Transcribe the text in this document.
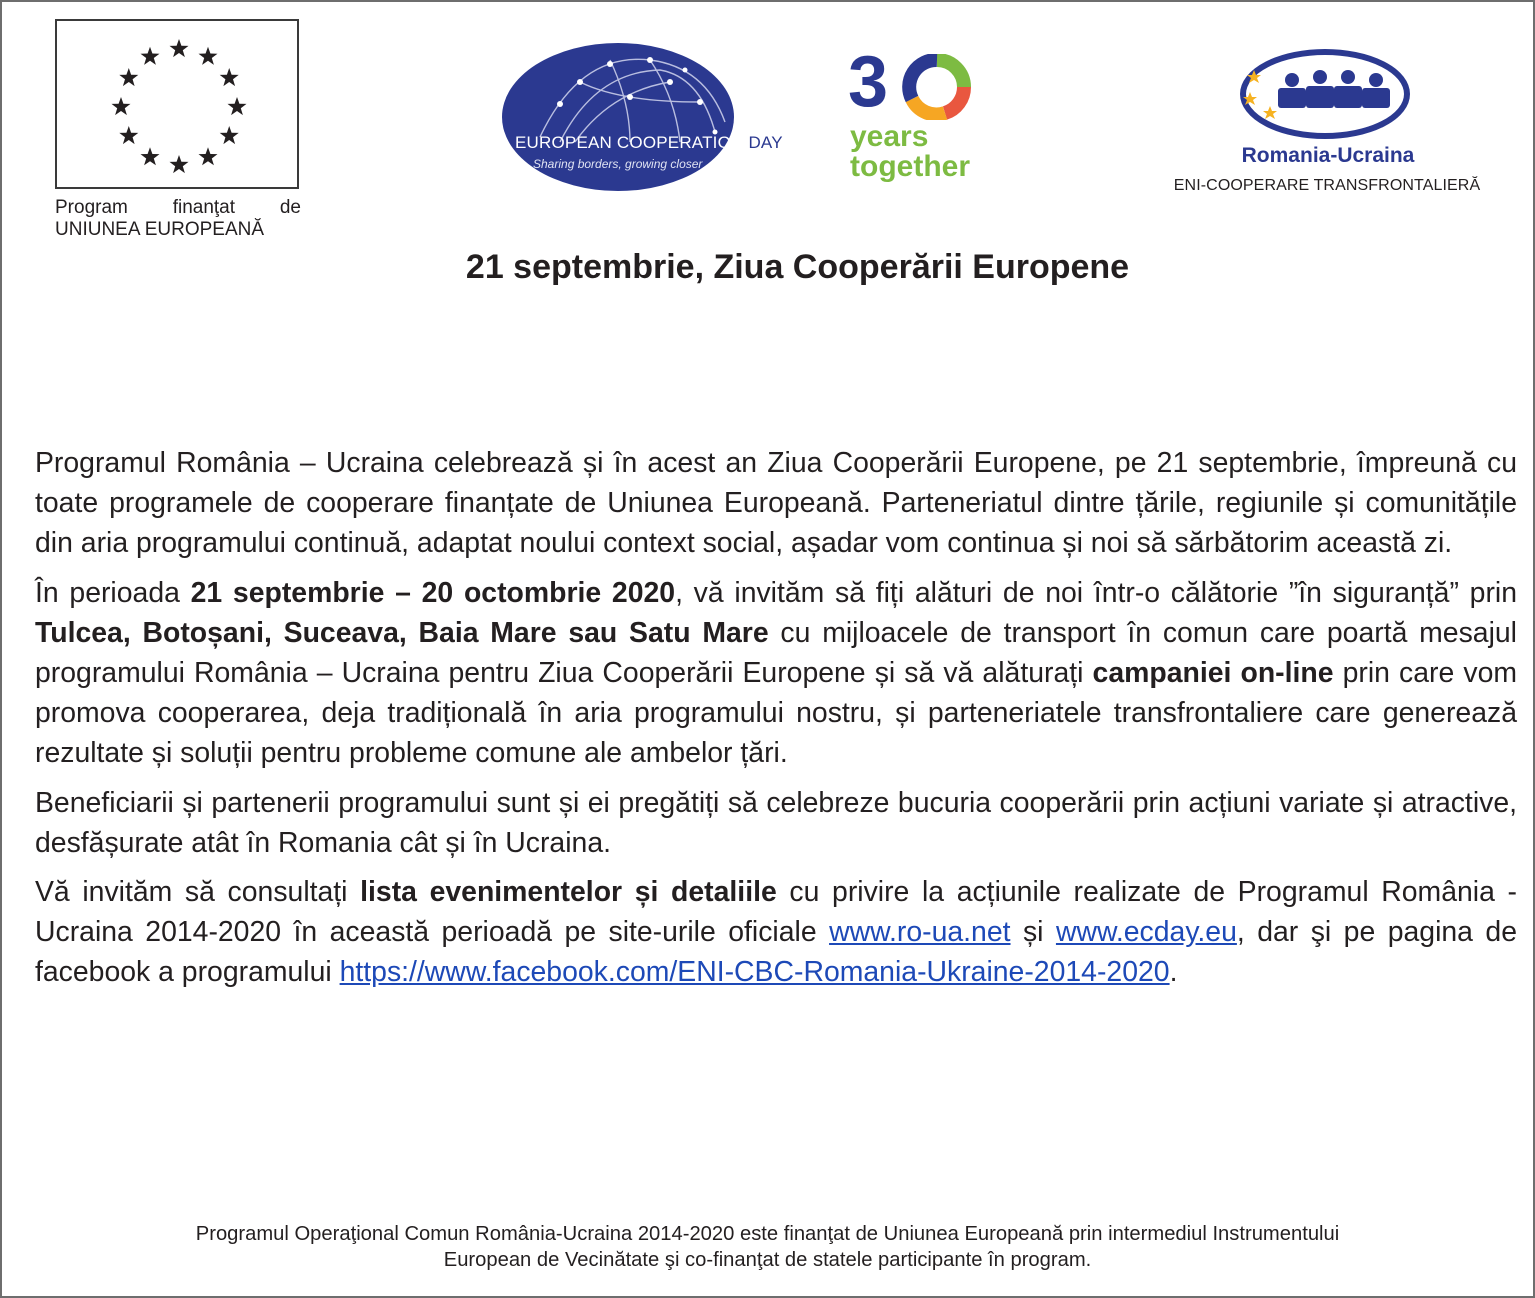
Program finanţat de
UNIUNEA EUROPEANĂ
EUROPEAN COOPERATION DAY
Sharing borders, growing closer
3
years
together	Romania-Ucraina
ENI-COOPERARE TRANSFRONTALIERĂ
21 septembrie, Ziua Cooperării Europene

Programul România – Ucraina celebrează și în acest an Ziua Cooperării Europene, pe 21 septembrie, împreună cu toate programele de cooperare finanțate de Uniunea Europeană. Parteneriatul dintre țările, regiunile și comunitățile din aria programului continuă, adaptat noului context social, așadar vom continua și noi să sărbătorim această zi.

În perioada 21 septembrie – 20 octombrie 2020, vă invităm să fiți alături de noi într-o călătorie ”în siguranță” prin Tulcea, Botoșani, Suceava, Baia Mare sau Satu Mare cu mijloacele de transport în comun care poartă mesajul programului România – Ucraina pentru Ziua Cooperării Europene și să vă alăturați campaniei on-line prin care vom promova cooperarea, deja tradițională în aria programului nostru, și parteneriatele transfrontaliere care generează rezultate și soluții pentru probleme comune ale ambelor țări.

Beneficiarii și partenerii programului sunt și ei pregătiți să celebreze bucuria cooperării prin acțiuni variate și atractive, desfășurate atât în Romania cât și în Ucraina.

Vă invităm să consultați lista evenimentelor și detaliile cu privire la acțiunile realizate de Programul România - Ucraina 2014-2020 în această perioadă pe site-urile oficiale www.ro-ua.net și www.ecday.eu, dar şi pe pagina de facebook a programului https://www.facebook.com/ENI-CBC-Romania-Ukraine-2014-2020.

Programul Operaţional Comun România-Ucraina 2014-2020 este finanţat de Uniunea Europeană prin intermediul Instrumentului
European de Vecinătate şi co-finanţat de statele participante în program.
